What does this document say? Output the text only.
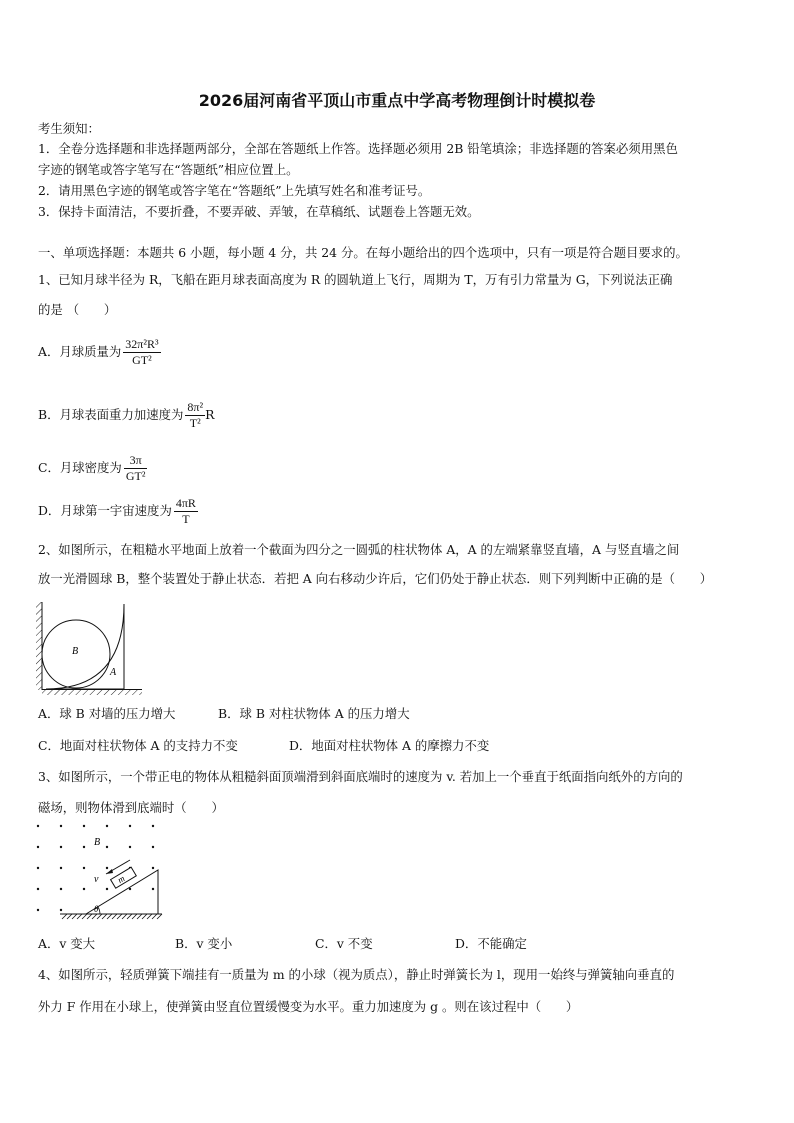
2026届河南省平顶山市重点中学高考物理倒计时模拟卷
考生须知：
1．全卷分选择题和非选择题两部分，全部在答题纸上作答。选择题必须用 2B 铅笔填涂；非选择题的答案必须用黑色
字迹的钢笔或答字笔写在“答题纸”相应位置上。
2．请用黑色字迹的钢笔或答字笔在“答题纸”上先填写姓名和准考证号。
3．保持卡面清洁，不要折叠，不要弄破、弄皱，在草稿纸、试题卷上答题无效。
一、单项选择题：本题共 6 小题，每小题 4 分，共 24 分。在每小题给出的四个选项中，只有一项是符合题目要求的。
1、已知月球半径为 R，飞船在距月球表面高度为 R 的圆轨道上飞行，周期为 T，万有引力常量为 G，下列说法正确
的是 （　　）
A．月球质量为 $\frac{\text{32π²R³}}{\text{GT²}}$
B．月球表面重力加速度为 $\frac{\text{8π²}}{\text{T²}}$ R
C．月球密度为 $\frac{3\pi}{\text{GT²}}$
D．月球第一宇宙速度为 $\frac{4\pi R}{T}$
2、如图所示，在粗糙水平地面上放着一个截面为四分之一圆弧的柱状物体 A，A 的左端紧靠竖直墙，A 与竖直墙之间
放一光滑圆球 B，整个装置处于静止状态．若把 A 向右移动少许后，它们仍处于静止状态．则下列判断中正确的是（　　）
B
A
A．球 B 对墙的压力增大	B．球 B 对柱状物体 A 的压力增大
C．地面对柱状物体 A 的支持力不变	D．地面对柱状物体 A 的摩擦力不变
3、如图所示，一个带正电的物体从粗糙斜面顶端滑到斜面底端时的速度为 v. 若加上一个垂直于纸面指向纸外的方向的
磁场，则物体滑到底端时（　　）
B
m
v
θ
A．v 变大	B．v 变小	C．v 不变	D．不能确定
4、如图所示，轻质弹簧下端挂有一质量为 m 的小球（视为质点），静止时弹簧长为 l，现用一始终与弹簧轴向垂直的
外力 F 作用在小球上，使弹簧由竖直位置缓慢变为水平。重力加速度为 g 。则在该过程中（　　）
